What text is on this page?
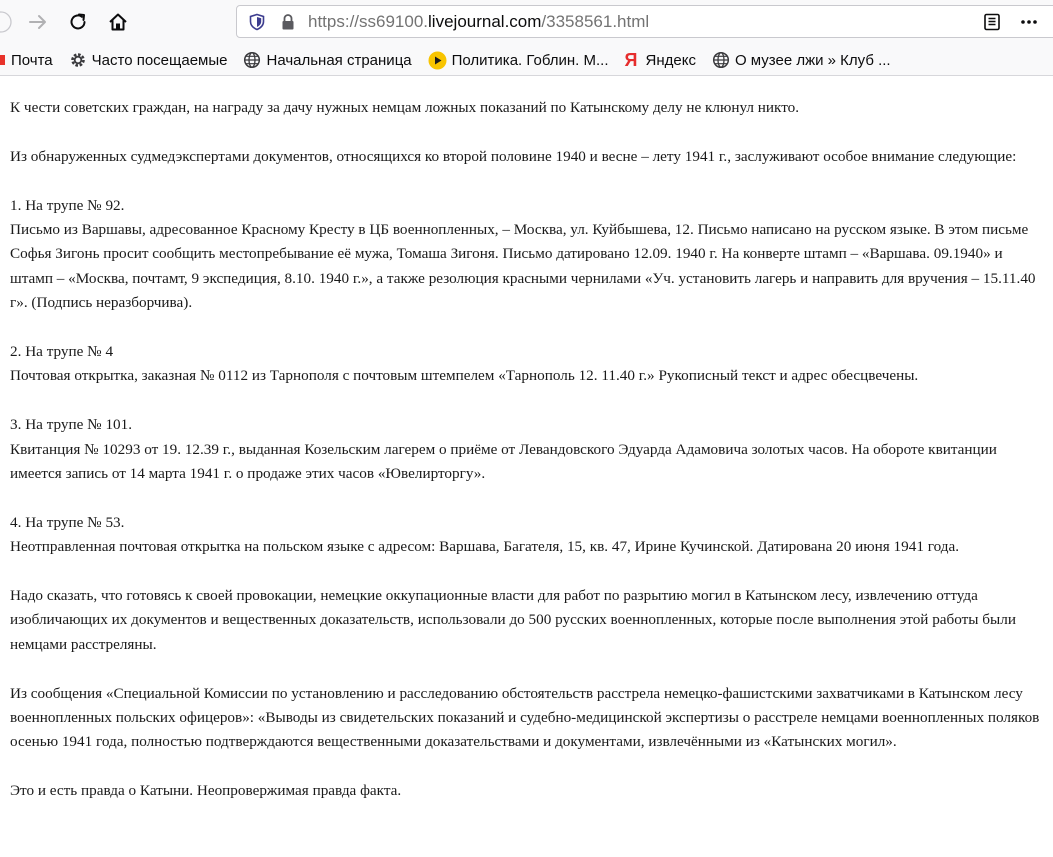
https://ss69100.livejournal.com/3358561.html
Почта	Часто посещаемые	Начальная страница	Политика. Гоблин. М... Я Яндекс	О музее лжи » Клуб ...

К чести советских граждан, на награду за дачу нужных немцам ложных показаний по Катынскому делу не клюнул никто.

Из обнаруженных судмедэкспертами документов, относящихся ко второй половине 1940 и весне – лету 1941 г., заслуживают особое внимание следующие:

1. На трупе № 92.
Письмо из Варшавы, адресованное Красному Кресту в ЦБ военнопленных, – Москва, ул. Куйбышева, 12. Письмо написано на русском языке. В этом письме Софья Зигонь просит сообщить местопребывание её мужа, Томаша Зигоня. Письмо датировано 12.09. 1940 г. На конверте штамп – «Варшава. 09.1940» и штамп – «Москва, почтамт, 9 экспедиция, 8.10. 1940 г.», а также резолюция красными чернилами «Уч. установить лагерь и направить для вручения – 15.11.40 г». (Подпись неразборчива).

2. На трупе № 4
Почтовая открытка, заказная № 0112 из Тарнополя с почтовым штемпелем «Тарнополь 12. 11.40 г.» Рукописный текст и адрес обесцвечены.

3. На трупе № 101.
Квитанция № 10293 от 19. 12.39 г., выданная Козельским лагерем о приёме от Левандовского Эдуарда Адамовича золотых часов. На обороте квитанции имеется запись от 14 марта 1941 г. о продаже этих часов «Ювелирторгу».

4. На трупе № 53.
Неотправленная почтовая открытка на польском языке с адресом: Варшава, Багателя, 15, кв. 47, Ирине Кучинской. Датирована 20 июня 1941 года.

Надо сказать, что готовясь к своей провокации, немецкие оккупационные власти для работ по разрытию могил в Катынском лесу, извлечению оттуда изобличающих их документов и вещественных доказательств, использовали до 500 русских военнопленных, которые после выполнения этой работы были немцами расстреляны.

Из сообщения «Специальной Комиссии по установлению и расследованию обстоятельств расстрела немецко-фашистскими захватчиками в Катынском лесу военнопленных польских офицеров»: «Выводы из свидетельских показаний и судебно-медицинской экспертизы о расстреле немцами военнопленных поляков осенью 1941 года, полностью подтверждаются вещественными доказательствами и документами, извлечёнными из «Катынских могил».

Это и есть правда о Катыни. Неопровержимая правда факта.
